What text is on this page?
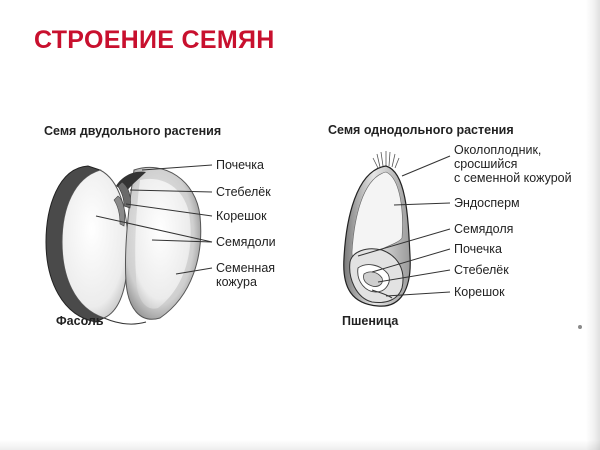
СТРОЕНИЕ СЕМЯН
Семя двудольного растения
Почечка
Стебелёк
Корешок
Семядоли
Семенная
кожура
Фасоль
Семя однодольного растения
Околоплодник,
сросшийся
с семенной кожурой
Эндосперм
Семядоля
Почечка
Стебелёк
Корешок
Пшеница
